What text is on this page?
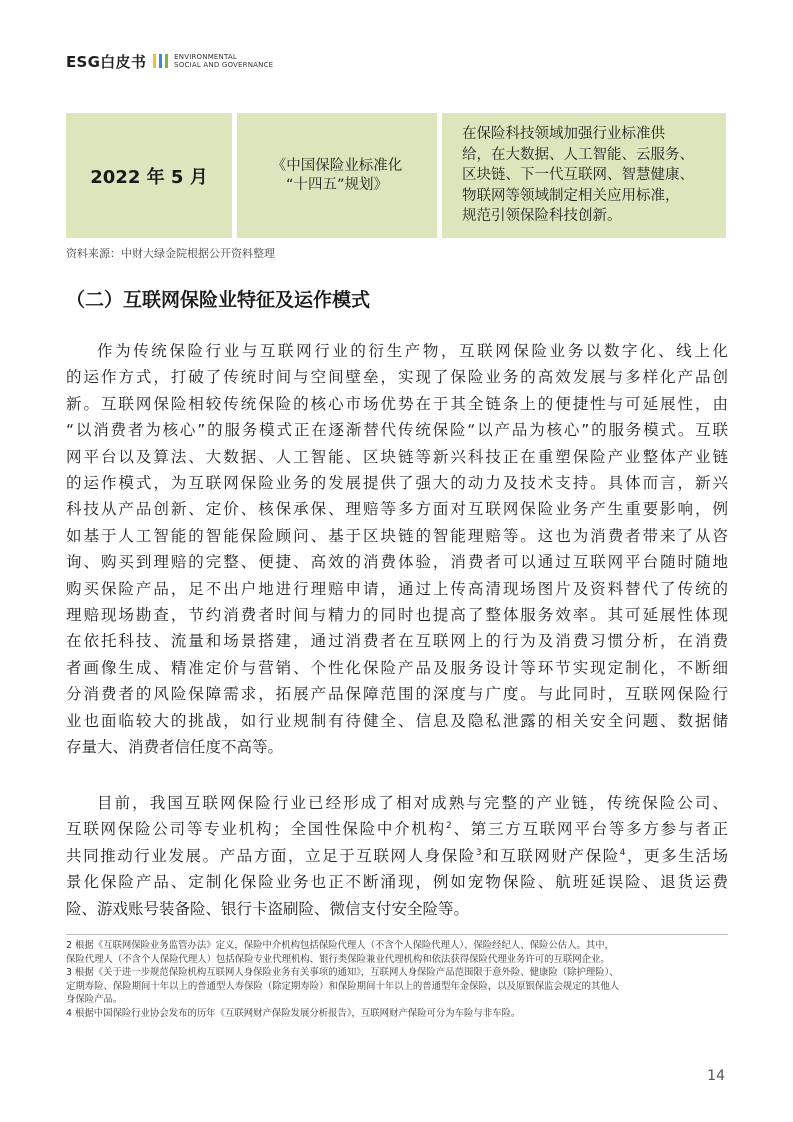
ESG白皮书	ENVIRONMENTAL
SOCIAL AND GOVERNANCE
2022 年 5 月
《中国保险业标准化
“十四五”规划》
在保险科技领域加强行业标准供
给，在大数据、人工智能、云服务、
区块链、下一代互联网、智慧健康、
物联网等领域制定相关应用标准，
规范引领保险科技创新。
资料来源：中财大绿金院根据公开资料整理
（二）互联网保险业特征及运作模式
作为传统保险行业与互联网行业的衍生产物，互联网保险业务以数字化、线上化
的运作方式，打破了传统时间与空间壁垒，实现了保险业务的高效发展与多样化产品创
新。互联网保险相较传统保险的核心市场优势在于其全链条上的便捷性与可延展性，由
“以消费者为核心”的服务模式正在逐渐替代传统保险“以产品为核心”的服务模式。互联
网平台以及算法、大数据、人工智能、区块链等新兴科技正在重塑保险产业整体产业链
的运作模式，为互联网保险业务的发展提供了强大的动力及技术支持。具体而言，新兴
科技从产品创新、定价、核保承保、理赔等多方面对互联网保险业务产生重要影响，例
如基于人工智能的智能保险顾问、基于区块链的智能理赔等。这也为消费者带来了从咨
询、购买到理赔的完整、便捷、高效的消费体验，消费者可以通过互联网平台随时随地
购买保险产品，足不出户地进行理赔申请，通过上传高清现场图片及资料替代了传统的
理赔现场勘查，节约消费者时间与精力的同时也提高了整体服务效率。其可延展性体现
在依托科技、流量和场景搭建，通过消费者在互联网上的行为及消费习惯分析，在消费
者画像生成、精准定价与营销、个性化保险产品及服务设计等环节实现定制化，不断细
分消费者的风险保障需求，拓展产品保障范围的深度与广度。与此同时，互联网保险行
业也面临较大的挑战，如行业规制有待健全、信息及隐私泄露的相关安全问题、数据储
存量大、消费者信任度不高等。
目前，我国互联网保险行业已经形成了相对成熟与完整的产业链，传统保险公司、
互联网保险公司等专业机构；全国性保险中介机构$^2$、第三方互联网平台等多方参与者正
共同推动行业发展。产品方面，立足于互联网人身保险$^3$和互联网财产保险$^4$，更多生活场
景化保险产品、定制化保险业务也正不断涌现，例如宠物保险、航班延误险、退货运费
险、游戏账号装备险、银行卡盗刷险、微信支付安全险等。

2 根据《互联网保险业务监管办法》定义，保险中介机构包括保险代理人（不含个人保险代理人）、保险经纪人、保险公估人。其中，
保险代理人（不含个人保险代理人）包括保险专业代理机构、银行类保险兼业代理机构和依法获得保险代理业务许可的互联网企业。

3 根据《关于进一步规范保险机构互联网人身保险业务有关事项的通知》，互联网人身保险产品范围限于意外险、健康险（除护理险）、
定期寿险、保险期间十年以上的普通型人寿保险（除定期寿险）和保险期间十年以上的普通型年金保险，以及原银保监会规定的其他人
身保险产品。

4 根据中国保险行业协会发布的历年《互联网财产保险发展分析报告》，互联网财产保险可分为车险与非车险。

14
